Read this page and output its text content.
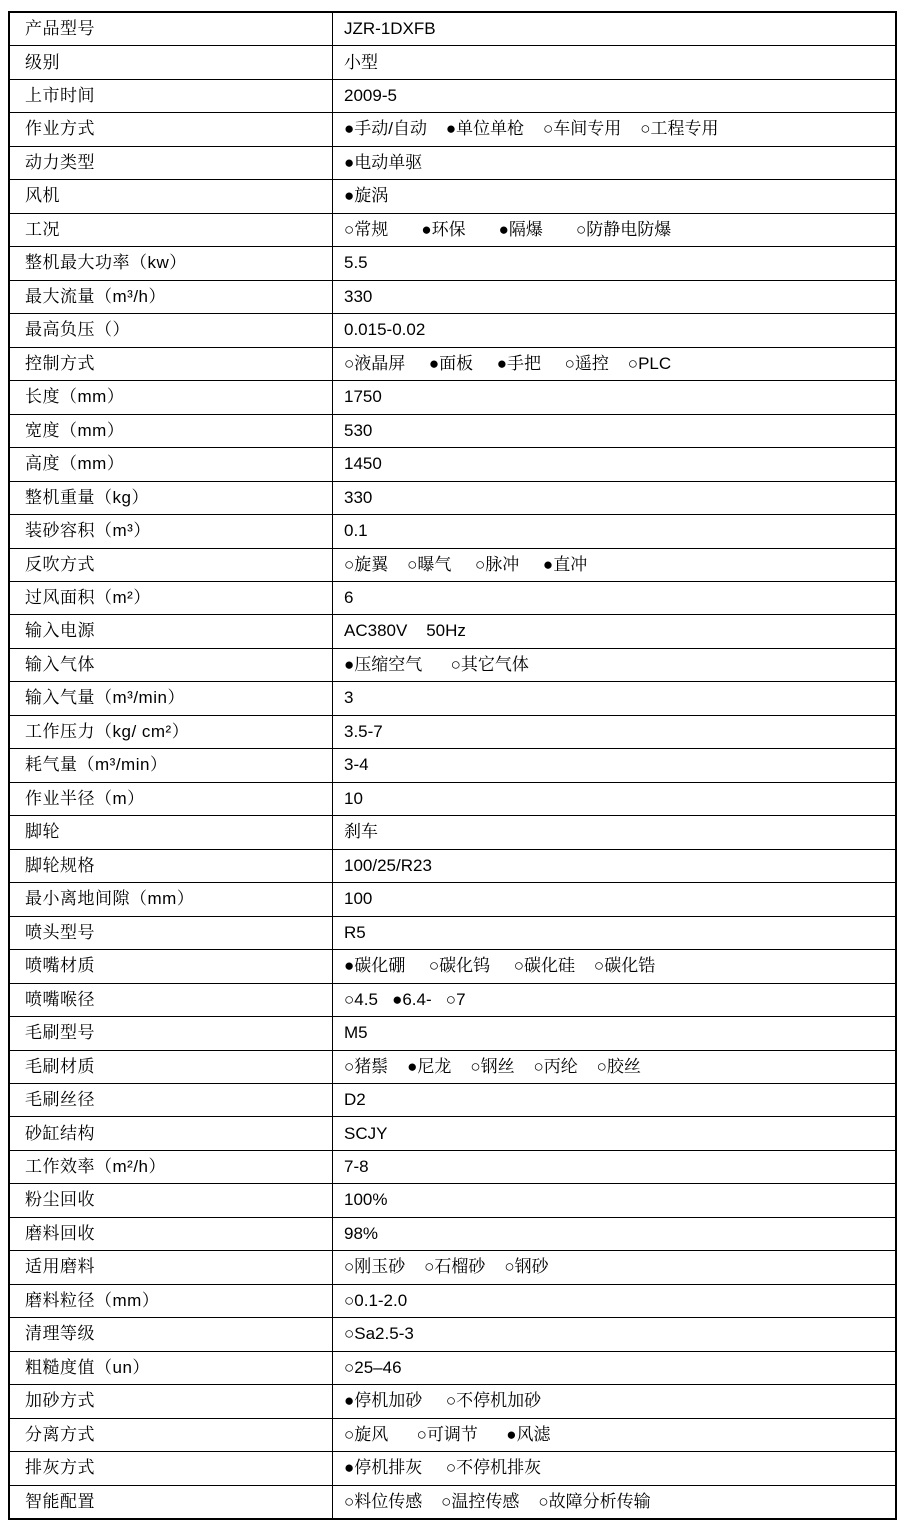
产品型号	JZR-1DXFB
级别	小型
上市时间	2009-5
作业方式	●手动/自动    ●单位单枪    ○车间专用    ○工程专用
动力类型	●电动单驱
风机	●旋涡
工况	○常规       ●环保       ●隔爆       ○防静电防爆
整机最大功率（kw）	5.5
最大流量（m³/h）	330
最高负压（）	0.015-0.02
控制方式	○液晶屏     ●面板     ●手把     ○遥控    ○PLC
长度（mm）	1750
宽度（mm）	530
高度（mm）	1450
整机重量（kg）	330
装砂容积（m³）	0.1
反吹方式	○旋翼    ○曝气     ○脉冲     ●直冲
过风面积（m²）	6
输入电源	AC380V    50Hz
输入气体	●压缩空气      ○其它气体
输入气量（m³/min）	3
工作压力（kg/ cm²）	3.5-7
耗气量（m³/min）	3-4
作业半径（m）	10
脚轮	刹车
脚轮规格	100/25/R23
最小离地间隙（mm）	100
喷头型号	R5
喷嘴材质	●碳化硼     ○碳化钨     ○碳化硅    ○碳化锆
喷嘴喉径	○4.5   ●6.4-   ○7
毛刷型号	M5
毛刷材质	○猪鬃    ●尼龙    ○钢丝    ○丙纶    ○胶丝
毛刷丝径	D2
砂缸结构	SCJY
工作效率（m²/h）	7-8
粉尘回收	100%
磨料回收	98%
适用磨料	○刚玉砂    ○石榴砂    ○钢砂
磨料粒径（mm）	○0.1-2.0
清理等级	○Sa2.5-3
粗糙度值（un）	○25–46
加砂方式	●停机加砂     ○不停机加砂
分离方式	○旋风      ○可调节      ●风滤
排灰方式	●停机排灰     ○不停机排灰
智能配置	○料位传感    ○温控传感    ○故障分析传输
